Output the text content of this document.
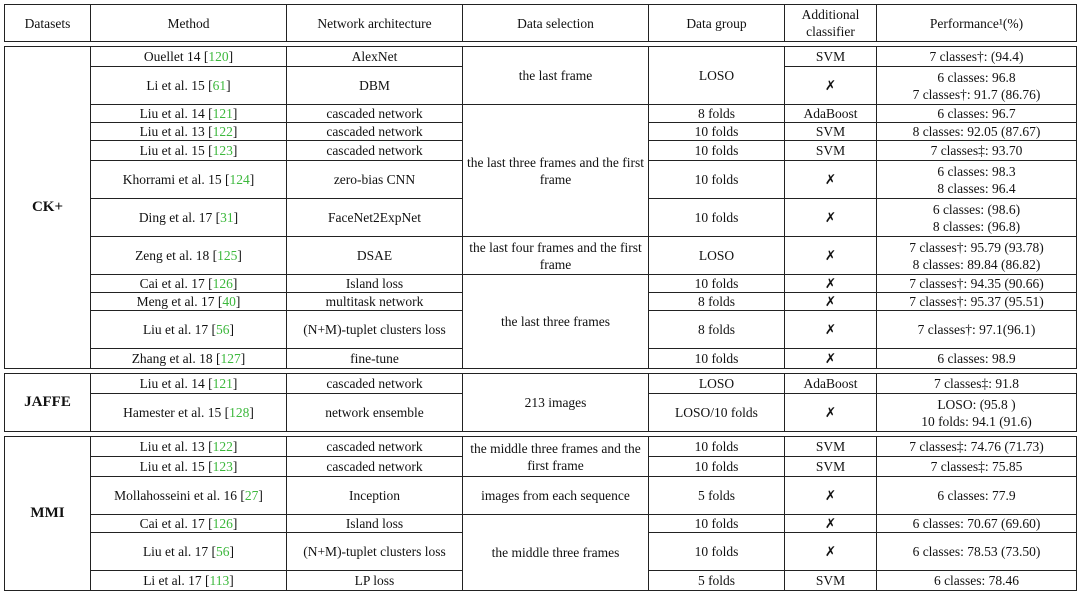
Datasets	Method	Network architecture	Data selection	Data group	Additional classifier	Performance¹(%)

CK+	Ouellet 14 [120]	AlexNet	the last frame	LOSO	SVM	7 classes†: (94.4)
	Li et al. 15 [61]	DBM			✗	6 classes: 96.8
7 classes†: 91.7 (86.76)
	Liu et al. 14 [121]	cascaded network	the last three frames and the first frame	8 folds	AdaBoost	6 classes: 96.7
	Liu et al. 13 [122]	cascaded network		10 folds	SVM	8 classes: 92.05 (87.67)
	Liu et al. 15 [123]	cascaded network		10 folds	SVM	7 classes‡: 93.70
	Khorrami et al. 15 [124]	zero-bias CNN		10 folds	✗	6 classes: 98.3
8 classes: 96.4
	Ding et al. 17 [31]	FaceNet2ExpNet		10 folds	✗	6 classes: (98.6)
8 classes: (96.8)
	Zeng et al. 18 [125]	DSAE	the last four frames and the first frame	LOSO	✗	7 classes†: 95.79 (93.78)
8 classes: 89.84 (86.82)
	Cai et al. 17 [126]	Island loss	the last three frames	10 folds	✗	7 classes†: 94.35 (90.66)
	Meng et al. 17 [40]	multitask network		8 folds	✗	7 classes†: 95.37 (95.51)
	Liu et al. 17 [56]	(N+M)-tuplet clusters loss		8 folds	✗	7 classes†: 97.1(96.1)
	Zhang et al. 18 [127]	fine-tune		10 folds	✗	6 classes: 98.9

JAFFE	Liu et al. 14 [121]	cascaded network	213 images	LOSO	AdaBoost	7 classes‡: 91.8
	Hamester et al. 15 [128]	network ensemble		LOSO/10 folds	✗	LOSO: (95.8 )
10 folds: 94.1 (91.6)

MMI	Liu et al. 13 [122]	cascaded network	the middle three frames and the first frame	10 folds	SVM	7 classes‡: 74.76 (71.73)
	Liu et al. 15 [123]	cascaded network		10 folds	SVM	7 classes‡: 75.85
	Mollahosseini et al. 16 [27]	Inception	images from each sequence	5 folds	✗	6 classes: 77.9
	Cai et al. 17 [126]	Island loss	the middle three frames	10 folds	✗	6 classes: 70.67 (69.60)
	Liu et al. 17 [56]	(N+M)-tuplet clusters loss		10 folds	✗	6 classes: 78.53 (73.50)
	Li et al. 17 [113]	LP loss		5 folds	SVM	6 classes: 78.46
